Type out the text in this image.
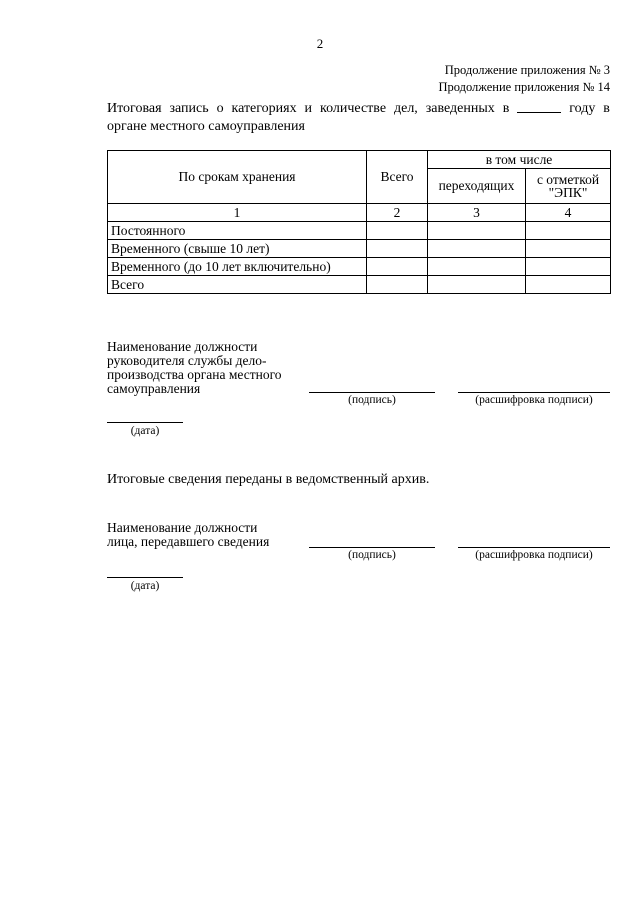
2
Продолжение приложения № 3
Продолжение приложения № 14
Итоговая запись о категориях и количестве дел, заведенных в	году в
органе местного самоуправления
По срокам хранения	Всего	в том числе	
		переходящих	с отметкой "ЭПК"
1	2	3	4
Постоянного			
Временного (свыше 10 лет)			
Временного (до 10 лет включительно)			
Всего			
Наименование должности
руководителя службы дело-
производства органа местного
самоуправления
(подпись)	(расшифровка подписи)
(дата)
Итоговые сведения переданы в ведомственный архив.
Наименование должности
лица, передавшего сведения
(подпись)	(расшифровка подписи)
(дата)
